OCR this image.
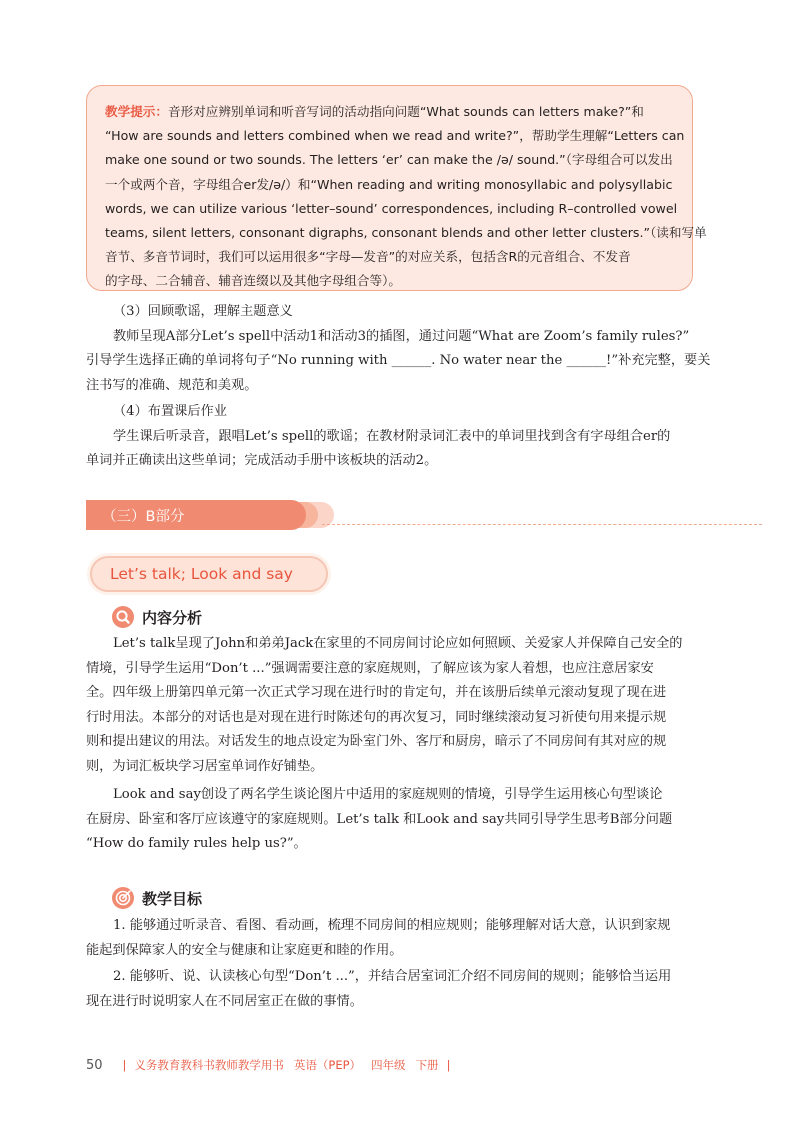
教学提示：音形对应辨别单词和听音写词的活动指向问题“What sounds can letters make?”和
“How are sounds and letters combined when we read and write?”，帮助学生理解“Letters can
make one sound or two sounds. The letters ‘er’ can make the /ə/ sound.”（字母组合可以发出
一个或两个音，字母组合er发/ə/）和“When reading and writing monosyllabic and polysyllabic
words, we can utilize various ‘letter–sound’ correspondences, including R–controlled vowel
teams, silent letters, consonant digraphs, consonant blends and other letter clusters.”（读和写单
音节、多音节词时，我们可以运用很多“字母—发音”的对应关系，包括含R的元音组合、不发音
的字母、二合辅音、辅音连缀以及其他字母组合等）。
（3）回顾歌谣，理解主题意义
教师呈现A部分Let’s spell中活动1和活动3的插图，通过问题“What are Zoom’s family rules?”
引导学生选择正确的单词将句子“No running with ______. No water near the ______!”补充完整，要关
注书写的准确、规范和美观。
（4）布置课后作业
学生课后听录音，跟唱Let’s spell的歌谣；在教材附录词汇表中的单词里找到含有字母组合er的
单词并正确读出这些单词；完成活动手册中该板块的活动2。
（三）B部分
Let’s talk; Look and say
内容分析
Let’s talk呈现了John和弟弟Jack在家里的不同房间讨论应如何照顾、关爱家人并保障自己安全的
情境，引导学生运用“Don’t ...”强调需要注意的家庭规则，了解应该为家人着想，也应注意居家安
全。四年级上册第四单元第一次正式学习现在进行时的肯定句，并在该册后续单元滚动复现了现在进
行时用法。本部分的对话也是对现在进行时陈述句的再次复习，同时继续滚动复习祈使句用来提示规
则和提出建议的用法。对话发生的地点设定为卧室门外、客厅和厨房，暗示了不同房间有其对应的规
则，为词汇板块学习居室单词作好铺垫。
Look and say创设了两名学生谈论图片中适用的家庭规则的情境，引导学生运用核心句型谈论
在厨房、卧室和客厅应该遵守的家庭规则。Let’s talk 和Look and say共同引导学生思考B部分问题
“How do family rules help us?”。
教学目标
1. 能够通过听录音、看图、看动画，梳理不同房间的相应规则；能够理解对话大意，认识到家规
能起到保障家人的安全与健康和让家庭更和睦的作用。
2. 能够听、说、认读核心句型“Don’t ...”，并结合居室词汇介绍不同房间的规则；能够恰当运用
现在进行时说明家人在不同居室正在做的事情。
50 | 义务教育教科书教师教学用书 英语（PEP） 四年级 下册 |
